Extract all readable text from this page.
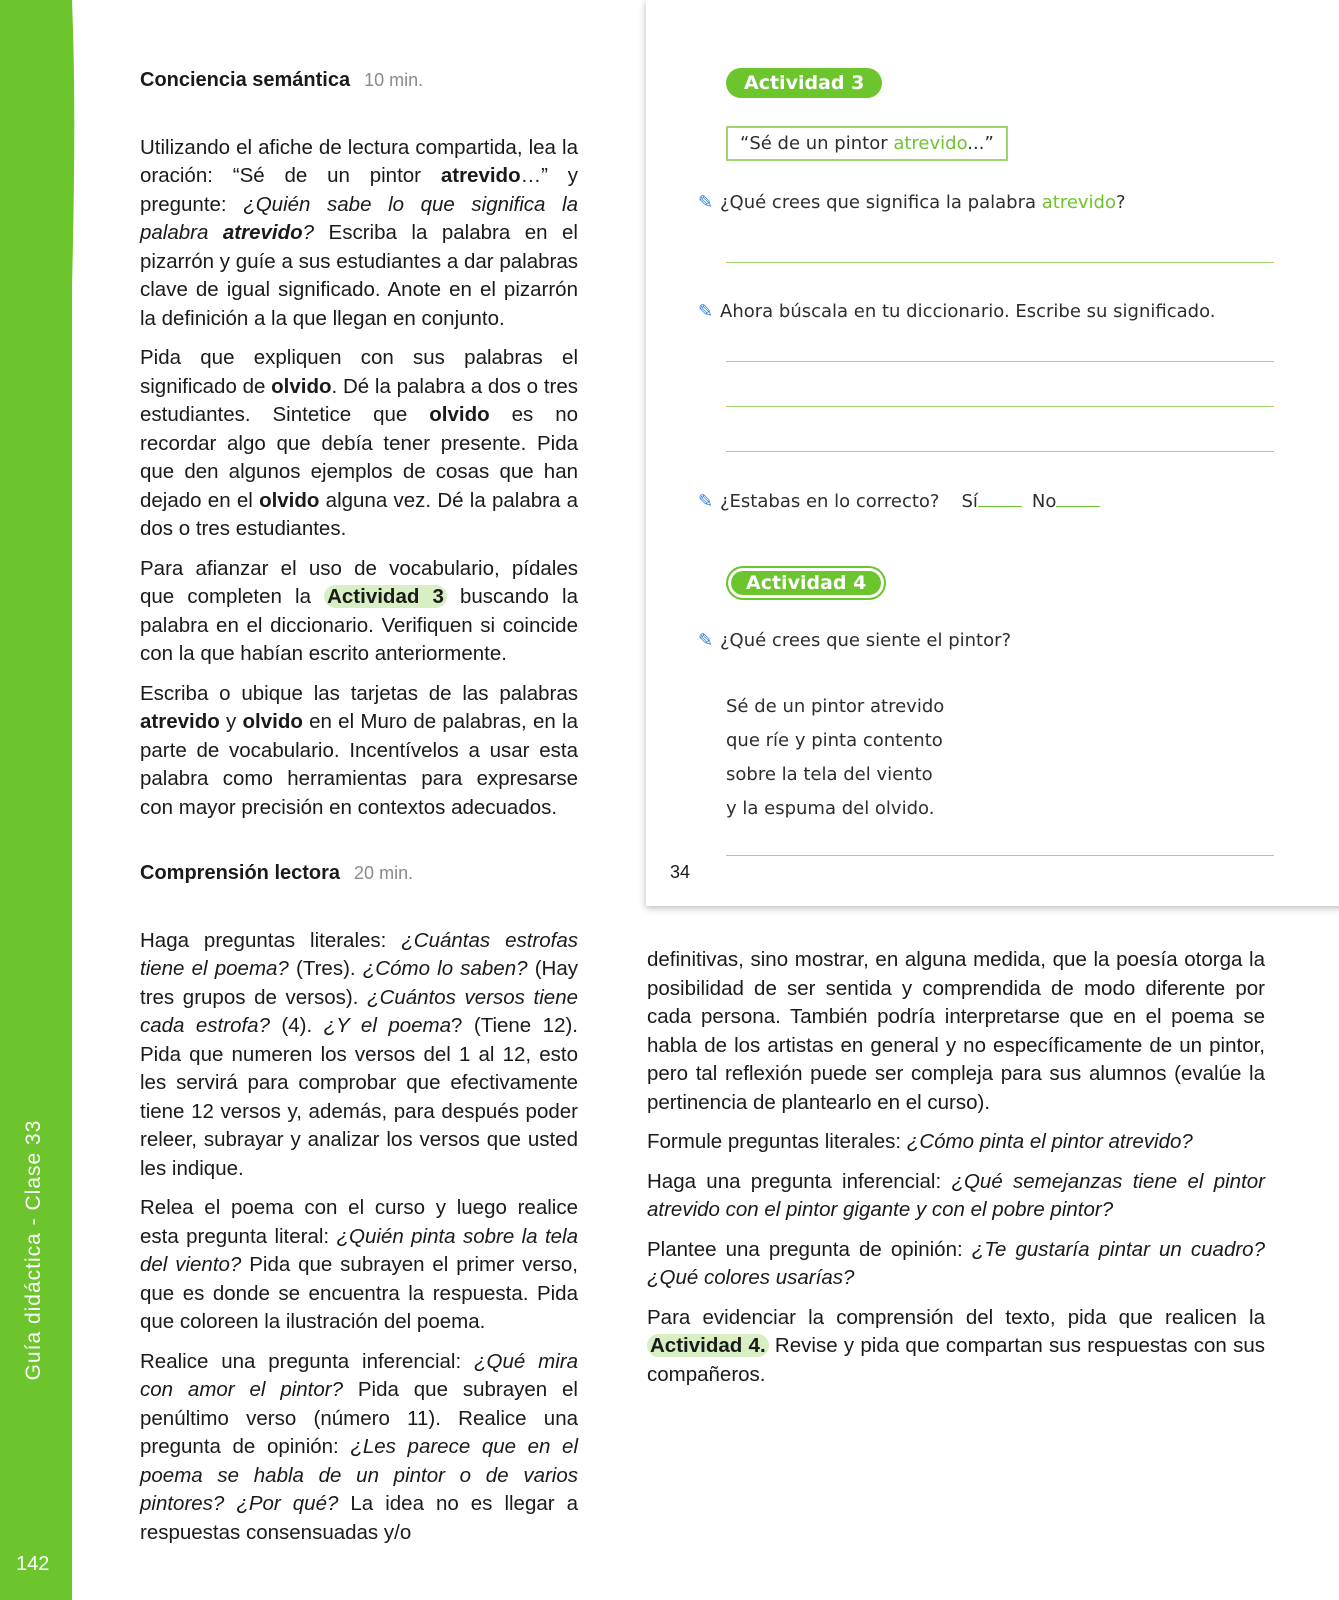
Guía didáctica - Clase 33
142

Conciencia semántica 10 min.

Utilizando el afiche de lectura compartida, lea la oración: “Sé de un pintor atrevido…” y pregunte: ¿Quién sabe lo que significa la palabra atrevido? Escriba la palabra en el pizarrón y guíe a sus estudiantes a dar palabras clave de igual significado. Anote en el pizarrón la definición a la que llegan en conjunto.

Pida que expliquen con sus palabras el significado de olvido. Dé la palabra a dos o tres estudiantes. Sintetice que olvido es no recordar algo que debía tener presente. Pida que den algunos ejemplos de cosas que han dejado en el olvido alguna vez. Dé la palabra a dos o tres estudiantes.

Para afianzar el uso de vocabulario, pídales que completen la Actividad 3 buscando la palabra en el diccionario. Verifiquen si coincide con la que habían escrito anteriormente.

Escriba o ubique las tarjetas de las palabras atrevido y olvido en el Muro de palabras, en la parte de vocabulario. Incentívelos a usar esta palabra como herramientas para expresarse con mayor precisión en contextos adecuados.

Comprensión lectora 20 min.

Haga preguntas literales: ¿Cuántas estrofas tiene el poema? (Tres). ¿Cómo lo saben? (Hay tres grupos de versos). ¿Cuántos versos tiene cada estrofa? (4). ¿Y el poema? (Tiene 12). Pida que numeren los versos del 1 al 12, esto les servirá para comprobar que efectivamente tiene 12 versos y, además, para después poder releer, subrayar y analizar los versos que usted les indique.

Relea el poema con el curso y luego realice esta pregunta literal: ¿Quién pinta sobre la tela del viento? Pida que subrayen el primer verso, que es donde se encuentra la respuesta. Pida que coloreen la ilustración del poema.

Realice una pregunta inferencial: ¿Qué mira con amor el pintor? Pida que subrayen el penúltimo verso (número 11). Realice una pregunta de opinión: ¿Les parece que en el poema se habla de un pintor o de varios pintores? ¿Por qué? La idea no es llegar a respuestas consensuadas y/o

Actividad 3
“Sé de un pintor atrevido...”
✎ ¿Qué crees que significa la palabra atrevido?
✎ Ahora búscala en tu diccionario. Escribe su significado.
✎ ¿Estabas en lo correcto? Sí	No
Actividad 4
✎ ¿Qué crees que siente el pintor?
Sé de un pintor atrevido
que ríe y pinta contento
sobre la tela del viento
y la espuma del olvido.
34

definitivas, sino mostrar, en alguna medida, que la poesía otorga la posibilidad de ser sentida y comprendida de modo diferente por cada persona. También podría interpretarse que en el poema se habla de los artistas en general y no específicamente de un pintor, pero tal reflexión puede ser compleja para sus alumnos (evalúe la pertinencia de plantearlo en el curso).

Formule preguntas literales: ¿Cómo pinta el pintor atrevido?

Haga una pregunta inferencial: ¿Qué semejanzas tiene el pintor atrevido con el pintor gigante y con el pobre pintor?

Plantee una pregunta de opinión: ¿Te gustaría pintar un cuadro? ¿Qué colores usarías?

Para evidenciar la comprensión del texto, pida que realicen la Actividad 4. Revise y pida que compartan sus respuestas con sus compañeros.
